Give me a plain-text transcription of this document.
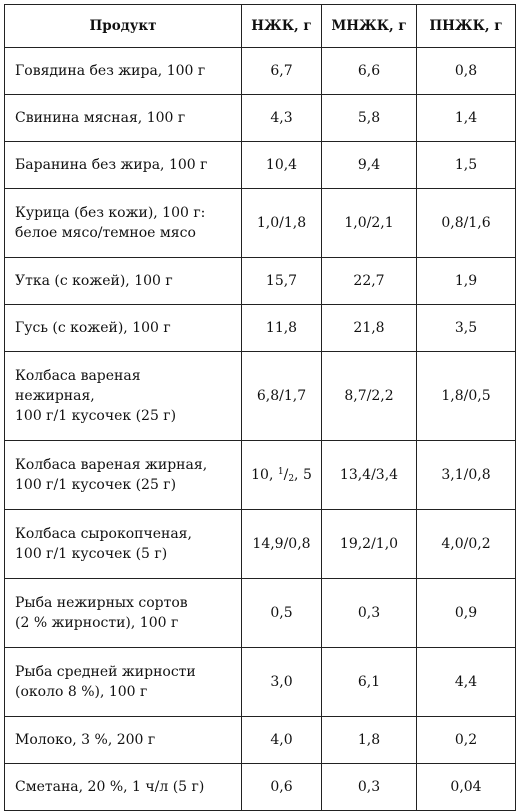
Продукт	НЖК, г	МНЖК, г	ПНЖК, г

Говядина без жира, 100 г	6,7	6,6	0,8

Свинина мясная, 100 г	4,3	5,8	1,4

Баранина без жира, 100 г	10,4	9,4	1,5

Курица (без кожи), 100 г:
белое мясо/темное мясо	1,0/1,8	1,0/2,1	0,8/1,6

Утка (с кожей), 100 г	15,7	22,7	1,9

Гусь (с кожей), 100 г	11,8	21,8	3,5

Колбаса вареная
нежирная,
100 г/1 кусочек (25 г)	6,8/1,7	8,7/2,2	1,8/0,5

Колбаса вареная жирная,
100 г/1 кусочек (25 г)	10, $^1/_2$, 5	13,4/3,4	3,1/0,8

Колбаса сырокопченая,
100 г/1 кусочек (5 г)	14,9/0,8	19,2/1,0	4,0/0,2

Рыба нежирных сортов
(2 % жирности), 100 г	0,5	0,3	0,9

Рыба средней жирности
(около 8 %), 100 г	3,0	6,1	4,4

Молоко, 3 %, 200 г	4,0	1,8	0,2

Сметана, 20 %, 1 ч/л (5 г)	0,6	0,3	0,04
